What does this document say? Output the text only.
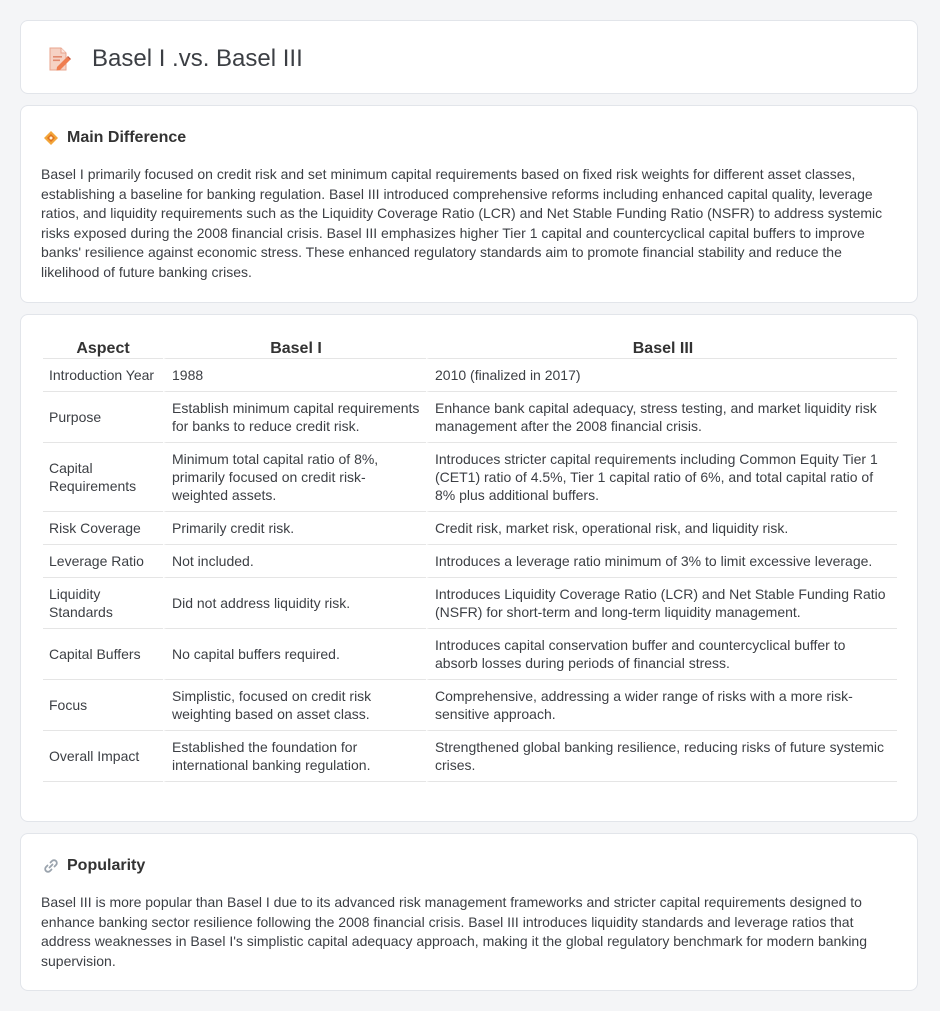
Basel I .vs. Basel III
Main Difference

Basel I primarily focused on credit risk and set minimum capital requirements based on fixed risk weights for different asset classes, establishing a baseline for banking regulation. Basel III introduced comprehensive reforms including enhanced capital quality, leverage ratios, and liquidity requirements such as the Liquidity Coverage Ratio (LCR) and Net Stable Funding Ratio (NSFR) to address systemic risks exposed during the 2008 financial crisis. Basel III emphasizes higher Tier 1 capital and countercyclical capital buffers to improve banks' resilience against economic stress. These enhanced regulatory standards aim to promote financial stability and reduce the likelihood of future banking crises.

Aspect	Basel I	Basel III
Introduction Year	1988	2010 (finalized in 2017)
Purpose	Establish minimum capital requirements for banks to reduce credit risk.	Enhance bank capital adequacy, stress testing, and market liquidity risk management after the 2008 financial crisis.
Capital Requirements	Minimum total capital ratio of 8%, primarily focused on credit risk-weighted assets.	Introduces stricter capital requirements including Common Equity Tier 1 (CET1) ratio of 4.5%, Tier 1 capital ratio of 6%, and total capital ratio of 8% plus additional buffers.
Risk Coverage	Primarily credit risk.	Credit risk, market risk, operational risk, and liquidity risk.
Leverage Ratio	Not included.	Introduces a leverage ratio minimum of 3% to limit excessive leverage.
Liquidity Standards	Did not address liquidity risk.	Introduces Liquidity Coverage Ratio (LCR) and Net Stable Funding Ratio (NSFR) for short-term and long-term liquidity management.
Capital Buffers	No capital buffers required.	Introduces capital conservation buffer and countercyclical buffer to absorb losses during periods of financial stress.
Focus	Simplistic, focused on credit risk weighting based on asset class.	Comprehensive, addressing a wider range of risks with a more risk-sensitive approach.
Overall Impact	Established the foundation for international banking regulation.	Strengthened global banking resilience, reducing risks of future systemic crises.
Popularity

Basel III is more popular than Basel I due to its advanced risk management frameworks and stricter capital requirements designed to enhance banking sector resilience following the 2008 financial crisis. Basel III introduces liquidity standards and leverage ratios that address weaknesses in Basel I's simplistic capital adequacy approach, making it the global regulatory benchmark for modern banking supervision.
